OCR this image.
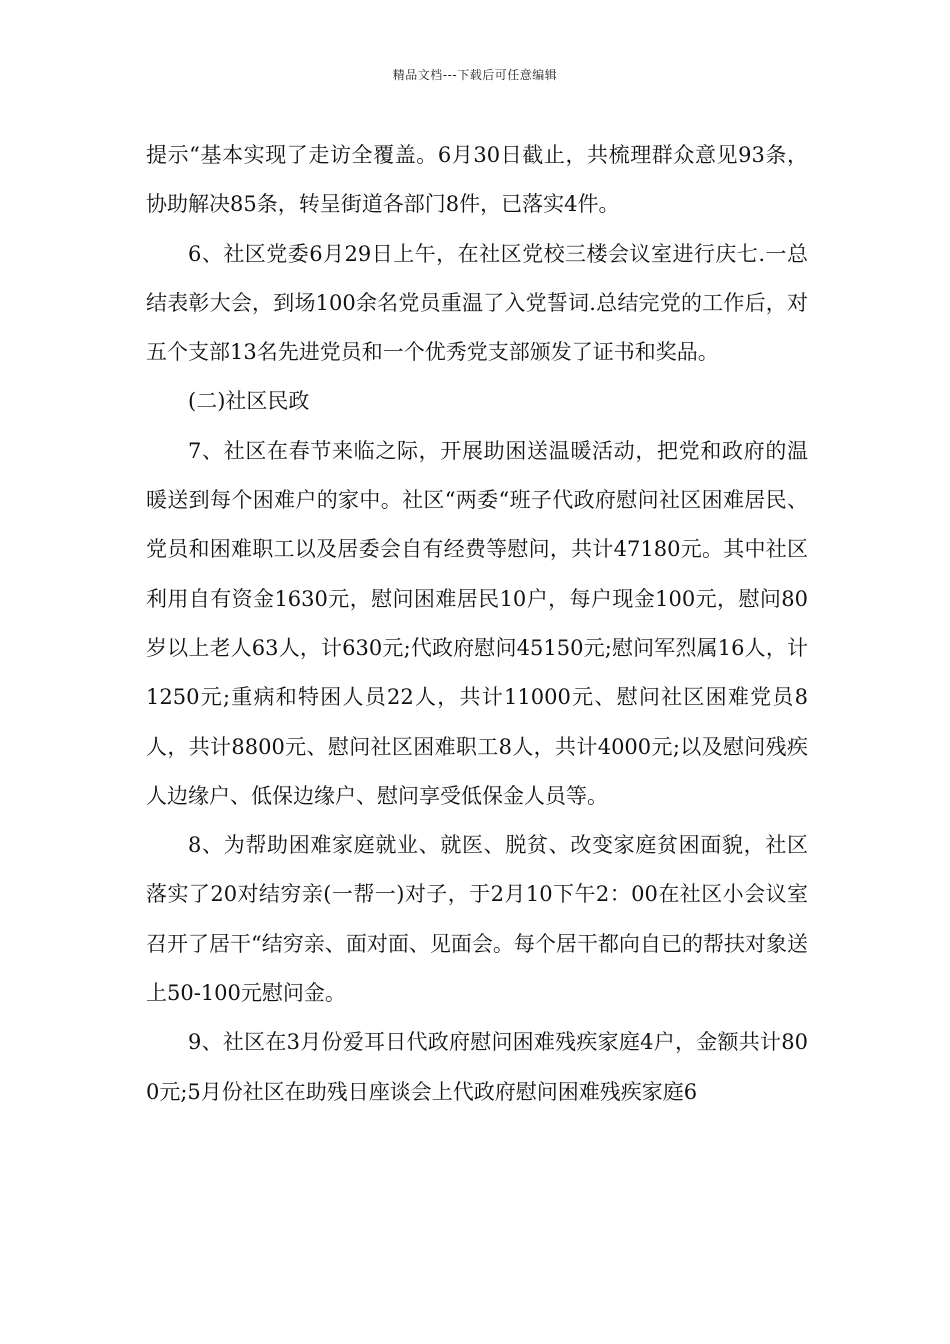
精品文档---下载后可任意编辑

提示“基本实现了走访全覆盖。6月30日截止，共梳理群众意见93条，协助解决85条，转呈街道各部门8件，已落实4件。

6、社区党委6月29日上午，在社区党校三楼会议室进行庆七.一总结表彰大会，到场100余名党员重温了入党誓词.总结完党的工作后，对五个支部13名先进党员和一个优秀党支部颁发了证书和奖品。

(二)社区民政

7、社区在春节来临之际，开展助困送温暖活动，把党和政府的温暖送到每个困难户的家中。社区“两委“班子代政府慰问社区困难居民、党员和困难职工以及居委会自有经费等慰问，共计47180元。其中社区利用自有资金1630元，慰问困难居民10户，每户现金100元，慰问80岁以上老人63人，计630元;代政府慰问45150元;慰问军烈属16人，计1250元;重病和特困人员22人，共计11000元、慰问社区困难党员8人，共计8800元、慰问社区困难职工8人，共计4000元;以及慰问残疾人边缘户、低保边缘户、慰问享受低保金人员等。

8、为帮助困难家庭就业、就医、脱贫、改变家庭贫困面貌，社区落实了20对结穷亲(一帮一)对子，于2月10下午2：00在社区小会议室召开了居干“结穷亲、面对面、见面会。每个居干都向自已的帮扶对象送上50-100元慰问金。

9、社区在3月份爱耳日代政府慰问困难残疾家庭4户，金额共计800元;5月份社区在助残日座谈会上代政府慰问困难残疾家庭6
